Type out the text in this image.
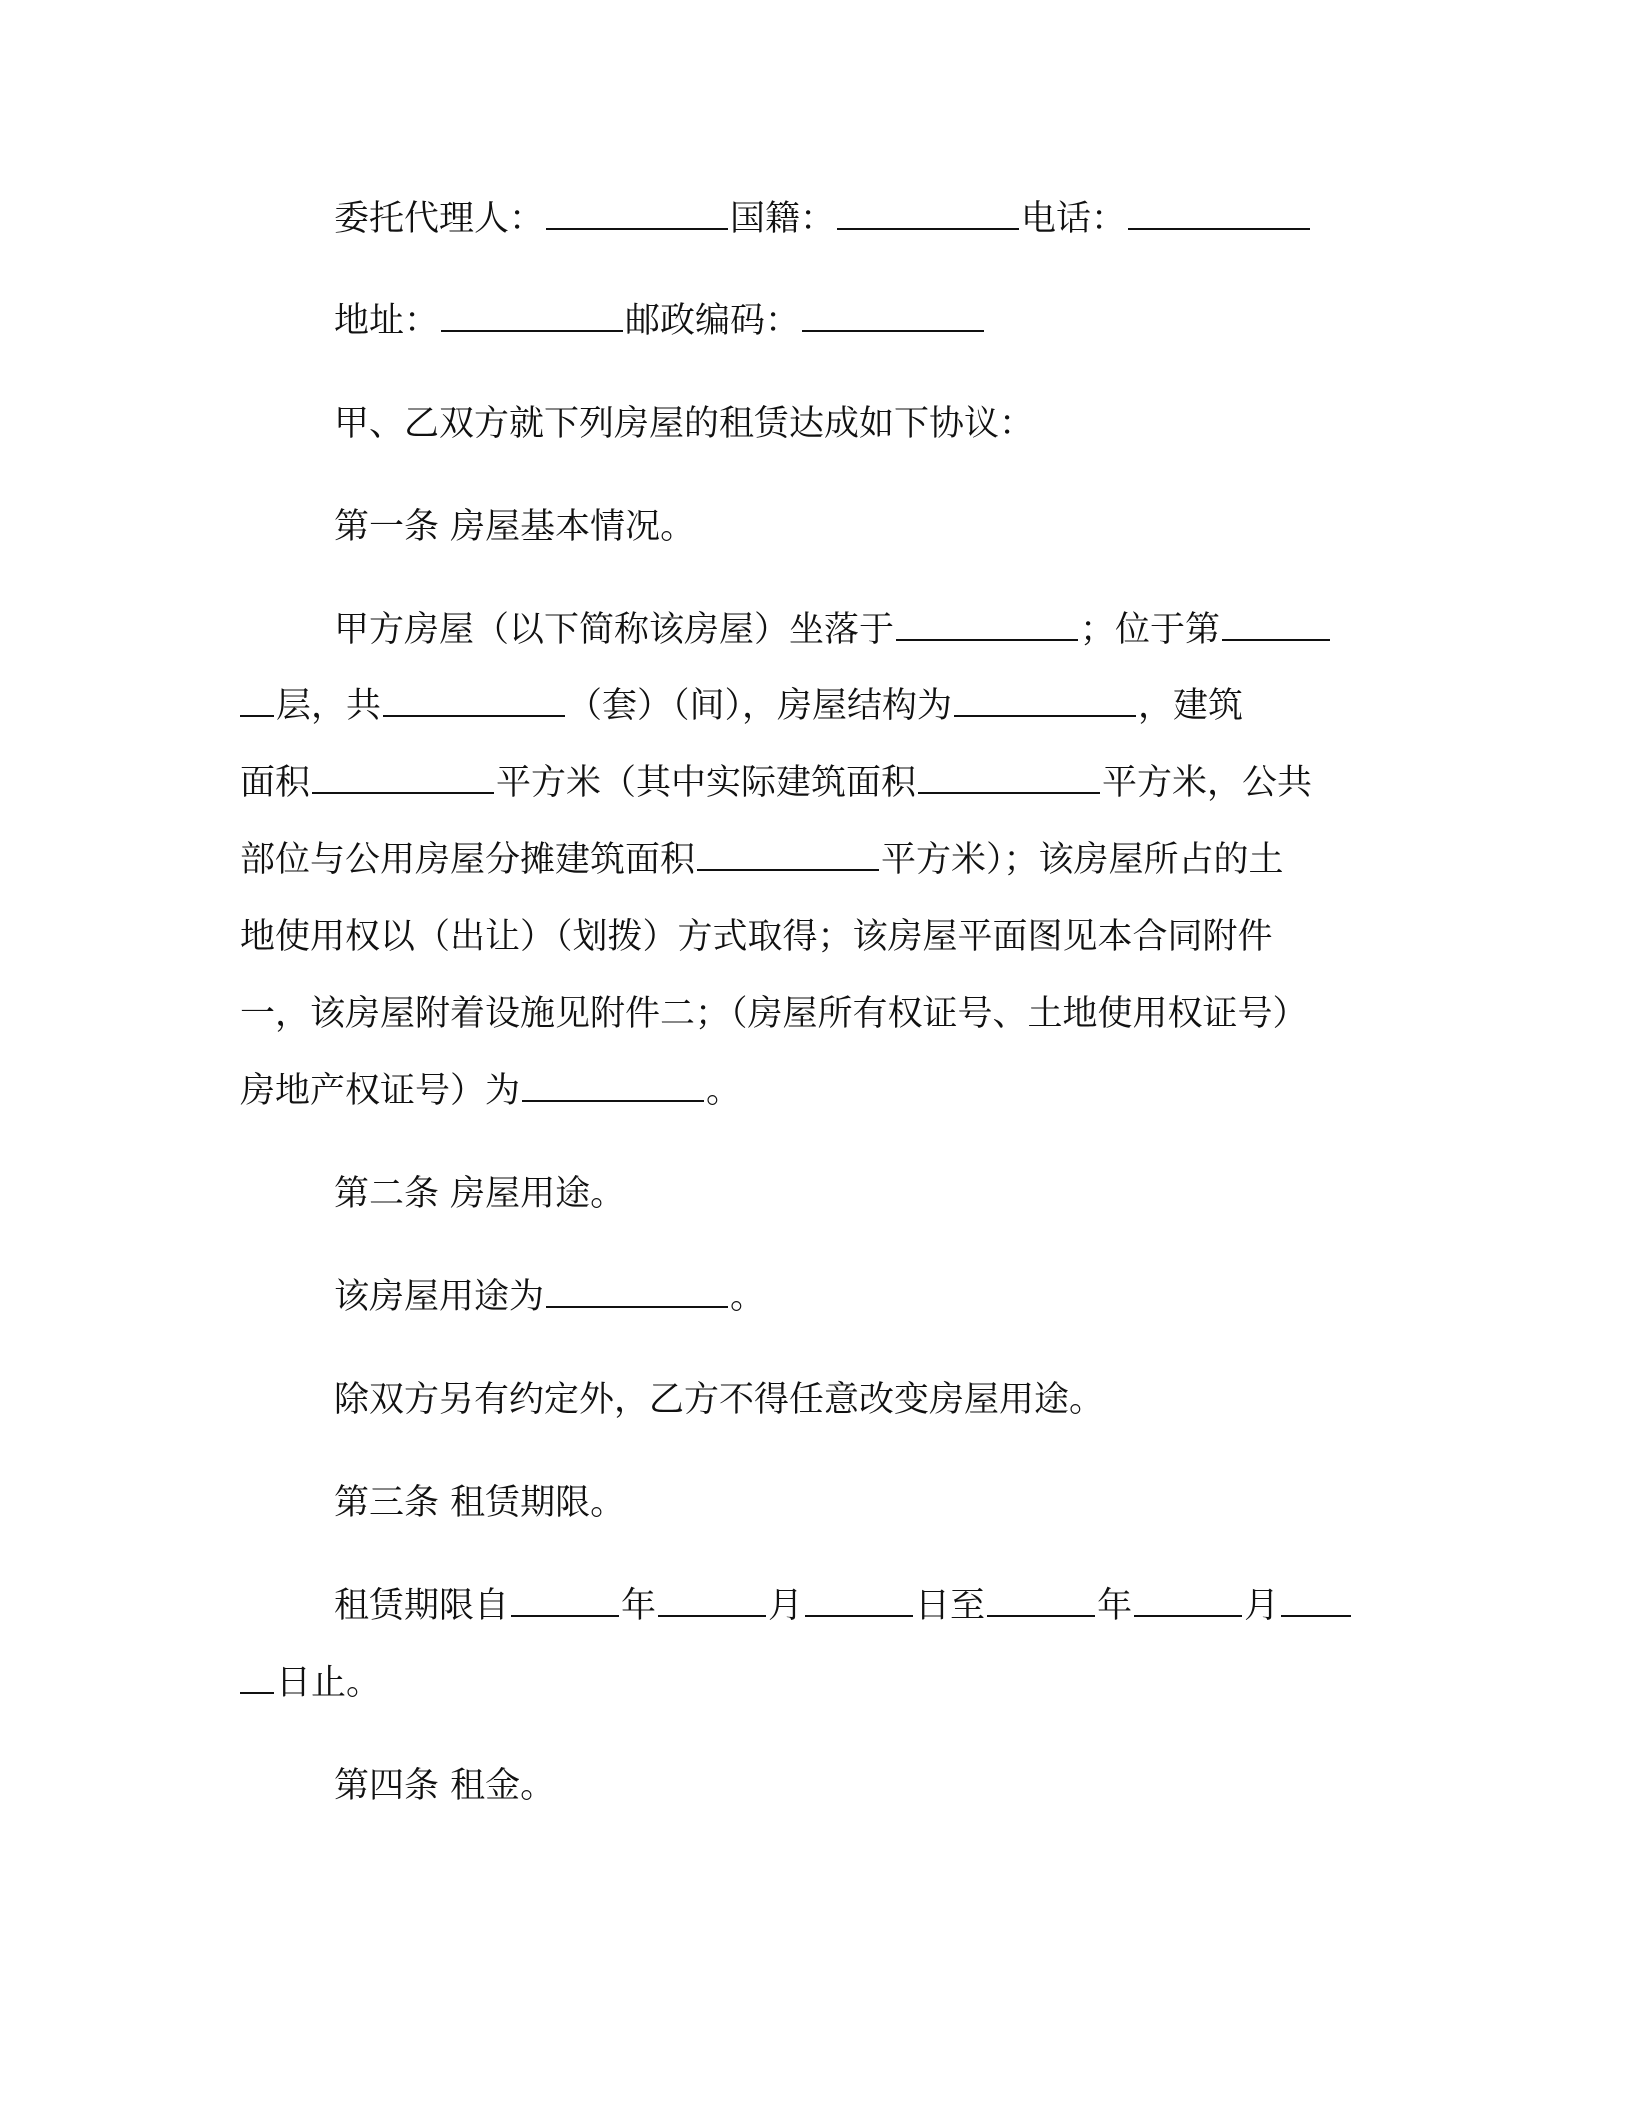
委托代理人：	国籍：	电话：
地址：	邮政编码：
甲、乙双方就下列房屋的租赁达成如下协议：
第一条 房屋基本情况。
甲方房屋（以下简称该房屋）坐落于	；位于第
层，共	（套）（间），房屋结构为	，建筑
面积	平方米（其中实际建筑面积	平方米，公共
部位与公用房屋分摊建筑面积	平方米）；该房屋所占的土
地使用权以（出让）（划拨）方式取得；该房屋平面图见本合同附件
一，该房屋附着设施见附件二；（房屋所有权证号、土地使用权证号）
房地产权证号）为	。
第二条 房屋用途。
该房屋用途为	。
除双方另有约定外，乙方不得任意改变房屋用途。
第三条 租赁期限。
租赁期限自	年	月	日至	年	月
日止。
第四条 租金。
